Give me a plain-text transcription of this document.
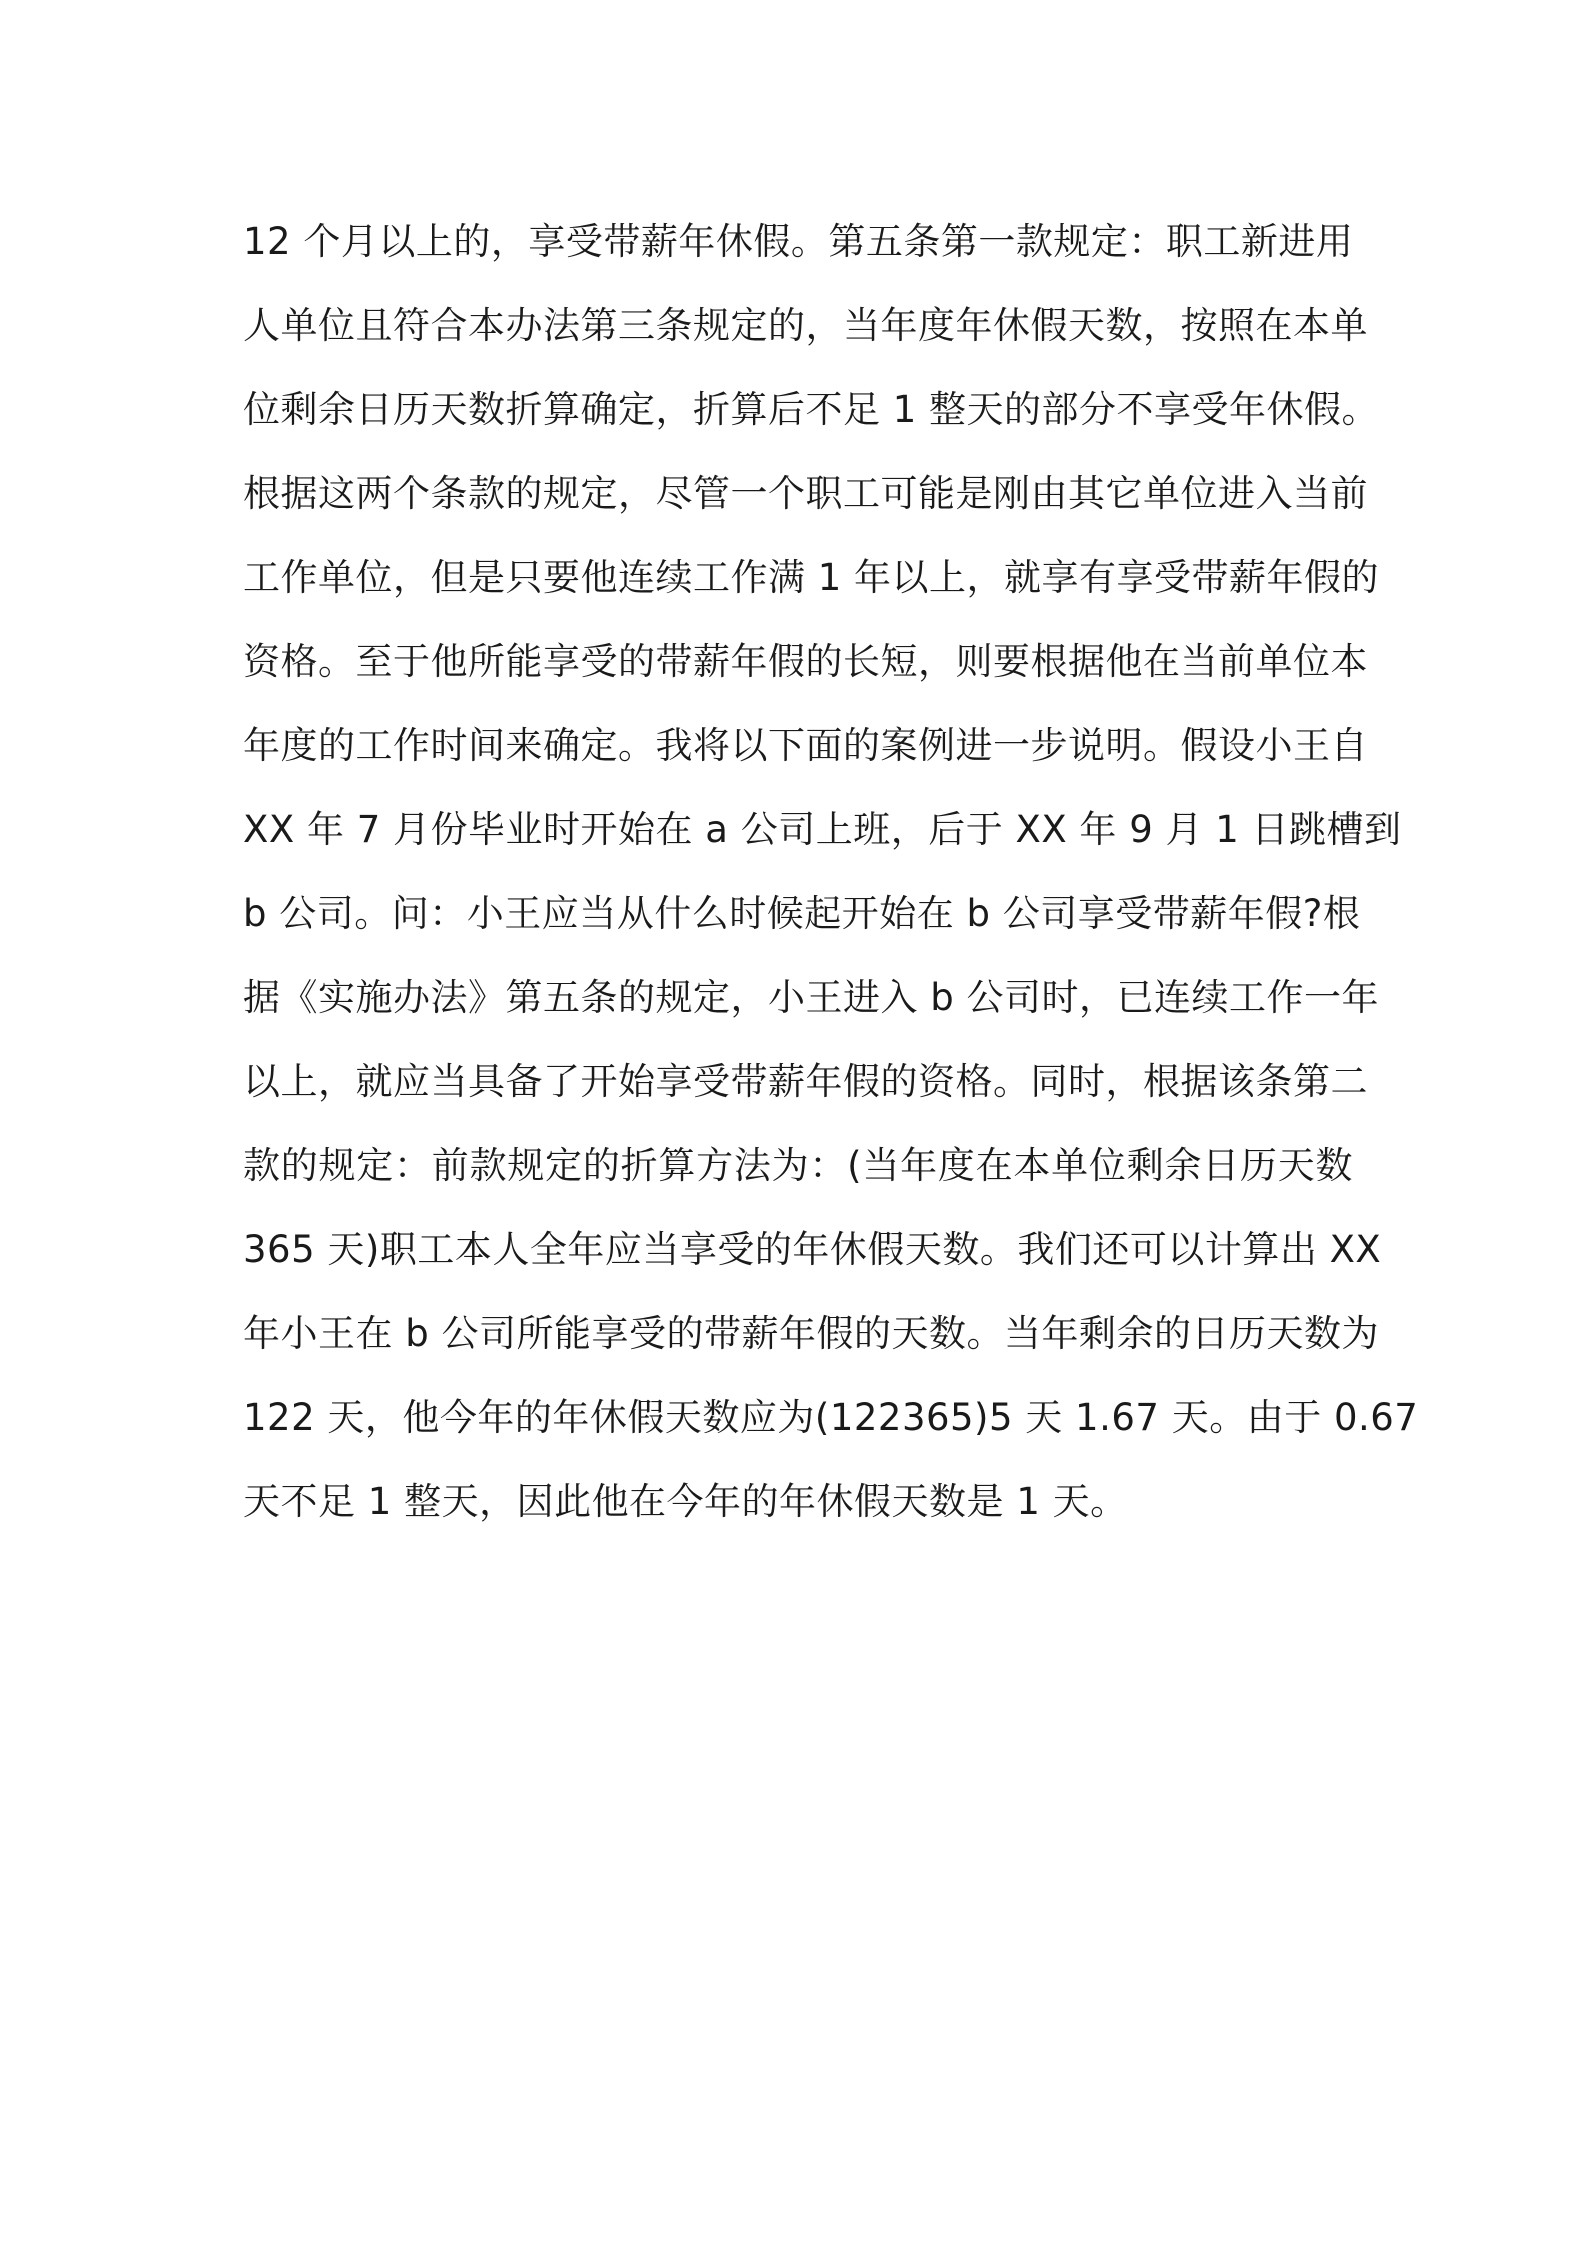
12 个月以上的，享受带薪年休假。第五条第一款规定：职工新进用
人单位且符合本办法第三条规定的，当年度年休假天数，按照在本单
位剩余日历天数折算确定，折算后不足 1 整天的部分不享受年休假。
根据这两个条款的规定，尽管一个职工可能是刚由其它单位进入当前
工作单位，但是只要他连续工作满 1 年以上，就享有享受带薪年假的
资格。至于他所能享受的带薪年假的长短，则要根据他在当前单位本
年度的工作时间来确定。我将以下面的案例进一步说明。假设小王自
XX 年 7 月份毕业时开始在 a 公司上班，后于 XX 年 9 月 1 日跳槽到
b 公司。问：小王应当从什么时候起开始在 b 公司享受带薪年假?根
据《实施办法》第五条的规定，小王进入 b 公司时，已连续工作一年
以上，就应当具备了开始享受带薪年假的资格。同时，根据该条第二
款的规定：前款规定的折算方法为：(当年度在本单位剩余日历天数
365 天)职工本人全年应当享受的年休假天数。我们还可以计算出 XX
年小王在 b 公司所能享受的带薪年假的天数。当年剩余的日历天数为
122 天，他今年的年休假天数应为(122365)5 天 1.67 天。由于 0.67
天不足 1 整天，因此他在今年的年休假天数是 1 天。
